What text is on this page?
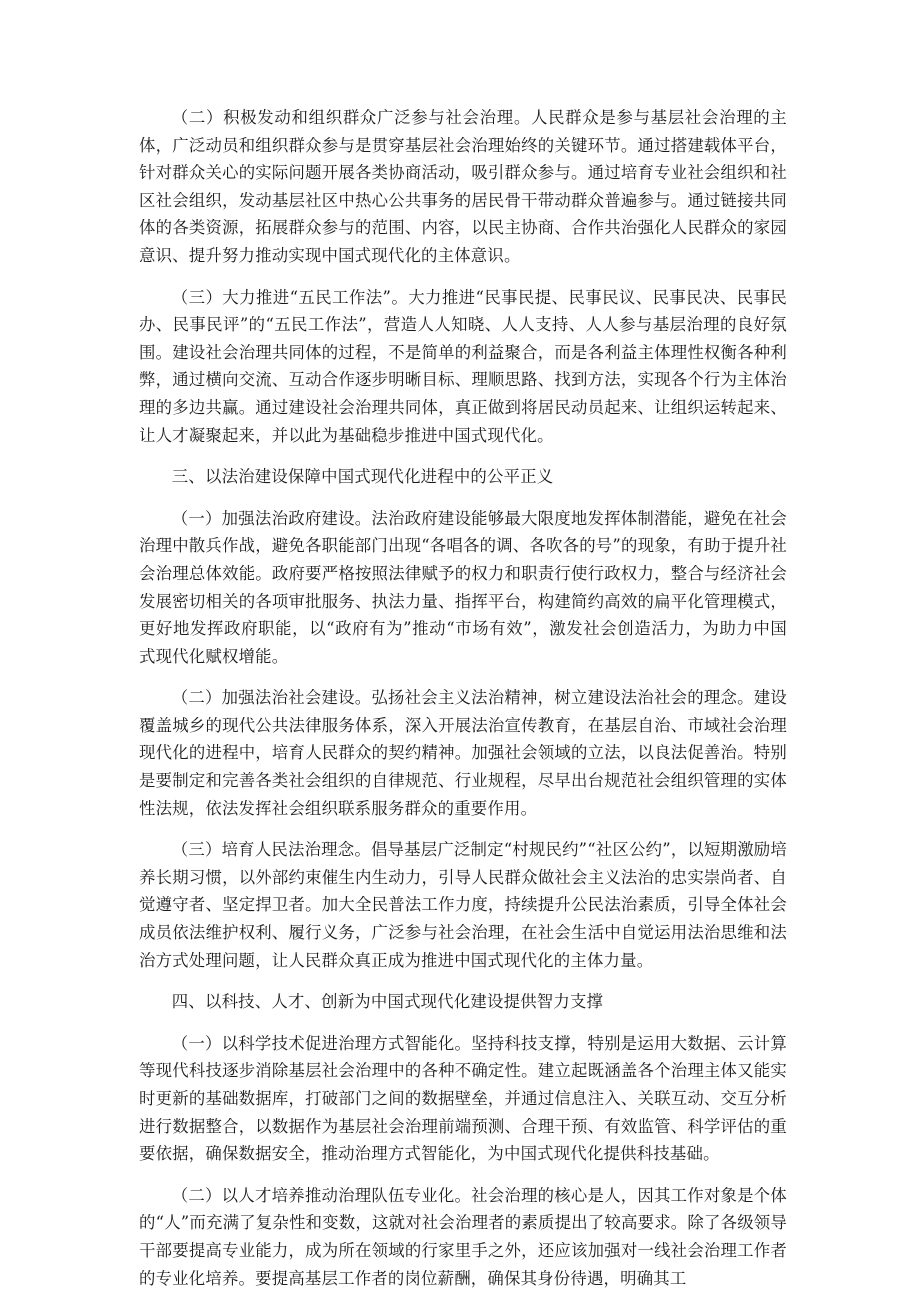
（二）积极发动和组织群众广泛参与社会治理。人民群众是参与基层社会治理的主体，广泛动员和组织群众参与是贯穿基层社会治理始终的关键环节。通过搭建载体平台，针对群众关心的实际问题开展各类协商活动，吸引群众参与。通过培育专业社会组织和社区社会组织，发动基层社区中热心公共事务的居民骨干带动群众普遍参与。通过链接共同体的各类资源，拓展群众参与的范围、内容，以民主协商、合作共治强化人民群众的家园意识、提升努力推动实现中国式现代化的主体意识。

（三）大力推进“五民工作法”。大力推进“民事民提、民事民议、民事民决、民事民办、民事民评”的“五民工作法”，营造人人知晓、人人支持、人人参与基层治理的良好氛围。建设社会治理共同体的过程，不是简单的利益聚合，而是各利益主体理性权衡各种利弊，通过横向交流、互动合作逐步明晰目标、理顺思路、找到方法，实现各个行为主体治理的多边共赢。通过建设社会治理共同体，真正做到将居民动员起来、让组织运转起来、让人才凝聚起来，并以此为基础稳步推进中国式现代化。

三、以法治建设保障中国式现代化进程中的公平正义

（一）加强法治政府建设。法治政府建设能够最大限度地发挥体制潜能，避免在社会治理中散兵作战，避免各职能部门出现“各唱各的调、各吹各的号”的现象，有助于提升社会治理总体效能。政府要严格按照法律赋予的权力和职责行使行政权力，整合与经济社会发展密切相关的各项审批服务、执法力量、指挥平台，构建简约高效的扁平化管理模式，更好地发挥政府职能，以“政府有为”推动“市场有效”，激发社会创造活力，为助力中国式现代化赋权增能。

（二）加强法治社会建设。弘扬社会主义法治精神，树立建设法治社会的理念。建设覆盖城乡的现代公共法律服务体系，深入开展法治宣传教育，在基层自治、市域社会治理现代化的进程中，培育人民群众的契约精神。加强社会领域的立法，以良法促善治。特别是要制定和完善各类社会组织的自律规范、行业规程，尽早出台规范社会组织管理的实体性法规，依法发挥社会组织联系服务群众的重要作用。

（三）培育人民法治理念。倡导基层广泛制定“村规民约”“社区公约”，以短期激励培养长期习惯，以外部约束催生内生动力，引导人民群众做社会主义法治的忠实崇尚者、自觉遵守者、坚定捍卫者。加大全民普法工作力度，持续提升公民法治素质，引导全体社会成员依法维护权利、履行义务，广泛参与社会治理，在社会生活中自觉运用法治思维和法治方式处理问题，让人民群众真正成为推进中国式现代化的主体力量。

四、以科技、人才、创新为中国式现代化建设提供智力支撑

（一）以科学技术促进治理方式智能化。坚持科技支撑，特别是运用大数据、云计算等现代科技逐步消除基层社会治理中的各种不确定性。建立起既涵盖各个治理主体又能实时更新的基础数据库，打破部门之间的数据壁垒，并通过信息注入、关联互动、交互分析进行数据整合，以数据作为基层社会治理前端预测、合理干预、有效监管、科学评估的重要依据，确保数据安全，推动治理方式智能化，为中国式现代化提供科技基础。

（二）以人才培养推动治理队伍专业化。社会治理的核心是人，因其工作对象是个体的“人”而充满了复杂性和变数，这就对社会治理者的素质提出了较高要求。除了各级领导干部要提高专业能力，成为所在领域的行家里手之外，还应该加强对一线社会治理工作者的专业化培养。要提高基层工作者的岗位薪酬，确保其身份待遇，明确其工
